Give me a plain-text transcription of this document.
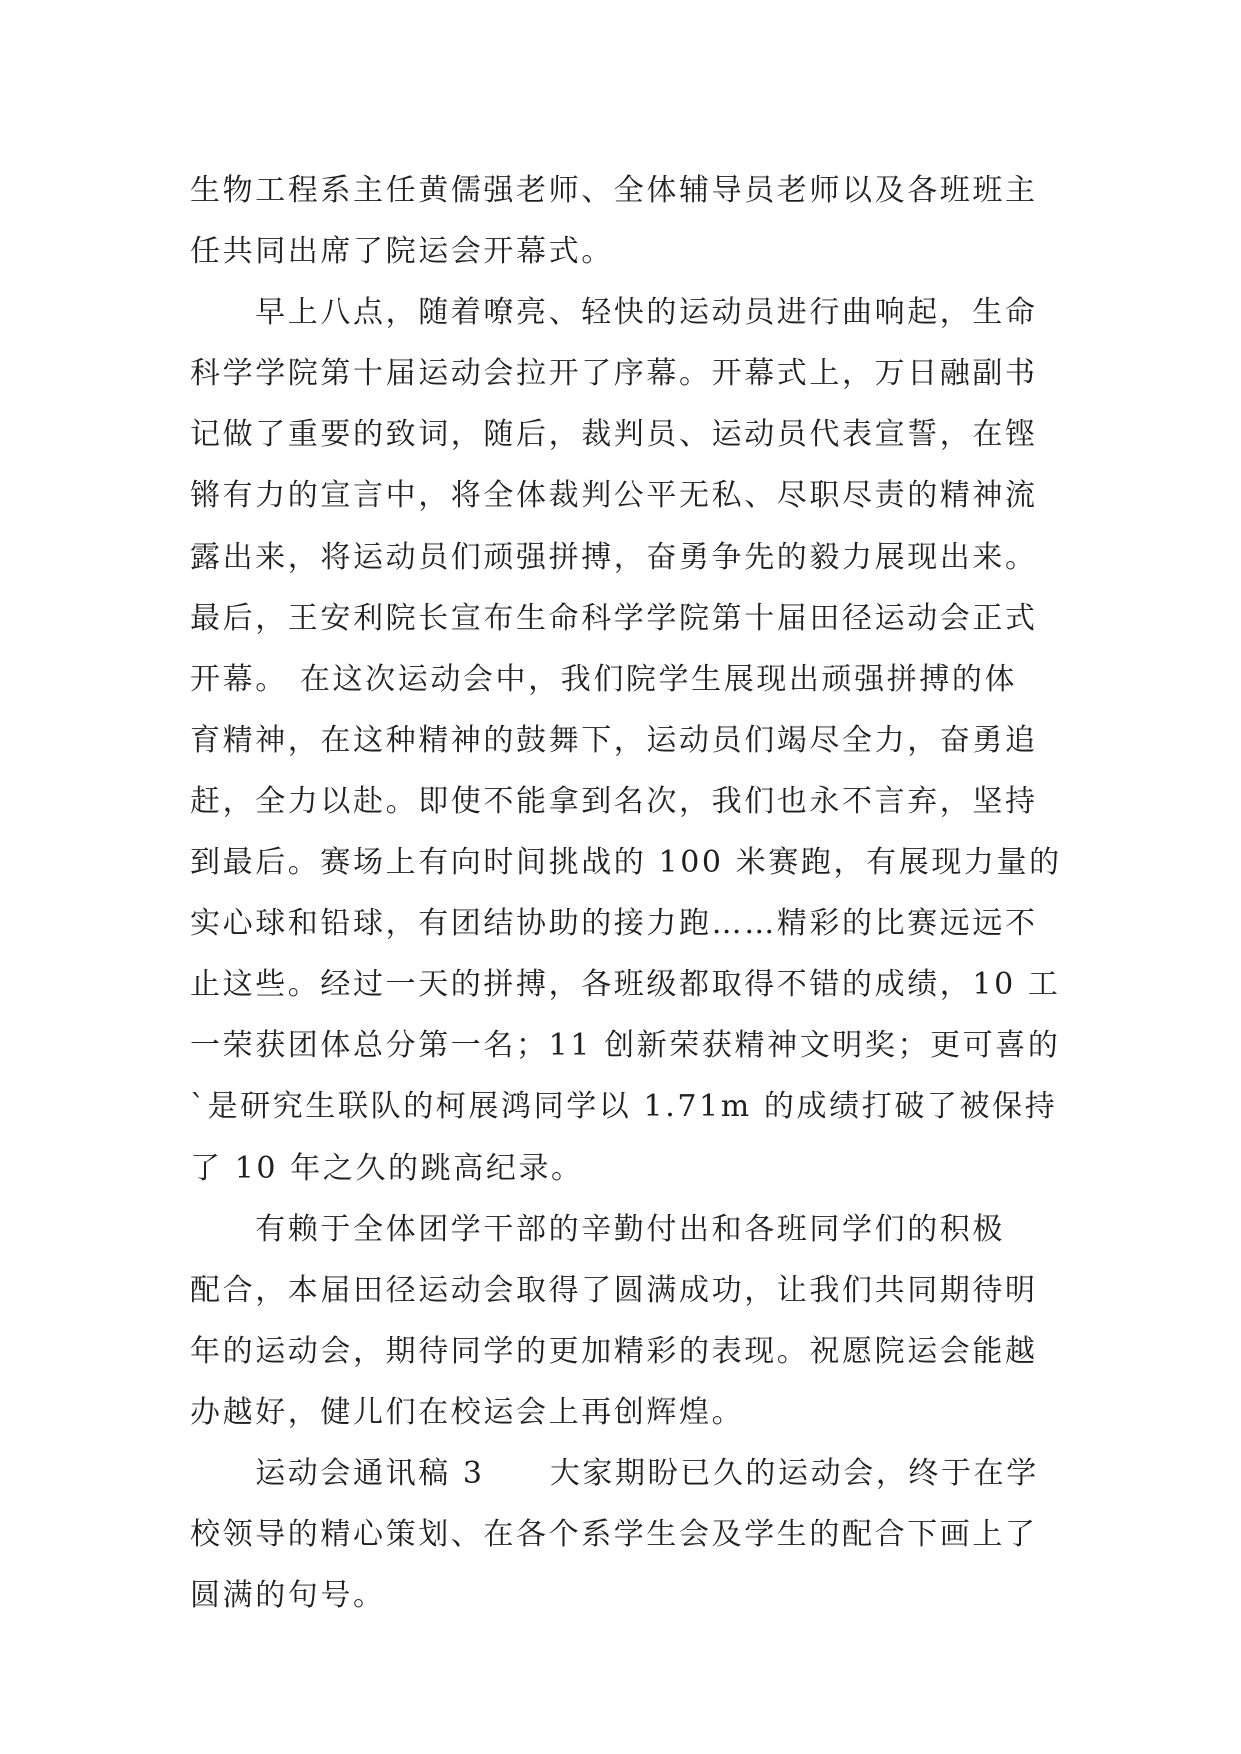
生物工程系主任黄儒强老师、全体辅导员老师以及各班班主
任共同出席了院运会开幕式。
　　早上八点，随着嘹亮、轻快的运动员进行曲响起，生命
科学学院第十届运动会拉开了序幕。开幕式上，万日融副书
记做了重要的致词，随后，裁判员、运动员代表宣誓，在铿
锵有力的宣言中，将全体裁判公平无私、尽职尽责的精神流
露出来，将运动员们顽强拼搏，奋勇争先的毅力展现出来。
最后，王安利院长宣布生命科学学院第十届田径运动会正式
开幕。 在这次运动会中，我们院学生展现出顽强拼搏的体
育精神，在这种精神的鼓舞下，运动员们竭尽全力，奋勇追
赶，全力以赴。即使不能拿到名次，我们也永不言弃，坚持
到最后。赛场上有向时间挑战的 100 米赛跑，有展现力量的
实心球和铅球，有团结协助的接力跑……精彩的比赛远远不
止这些。经过一天的拼搏，各班级都取得不错的成绩，10 工
一荣获团体总分第一名；11 创新荣获精神文明奖；更可喜的
`是研究生联队的柯展鸿同学以 1.71m 的成绩打破了被保持
了 10 年之久的跳高纪录。
　　有赖于全体团学干部的辛勤付出和各班同学们的积极
配合，本届田径运动会取得了圆满成功，让我们共同期待明
年的运动会，期待同学的更加精彩的表现。祝愿院运会能越
办越好，健儿们在校运会上再创辉煌。
　　运动会通讯稿 3　　大家期盼已久的运动会，终于在学
校领导的精心策划、在各个系学生会及学生的配合下画上了
圆满的句号。
